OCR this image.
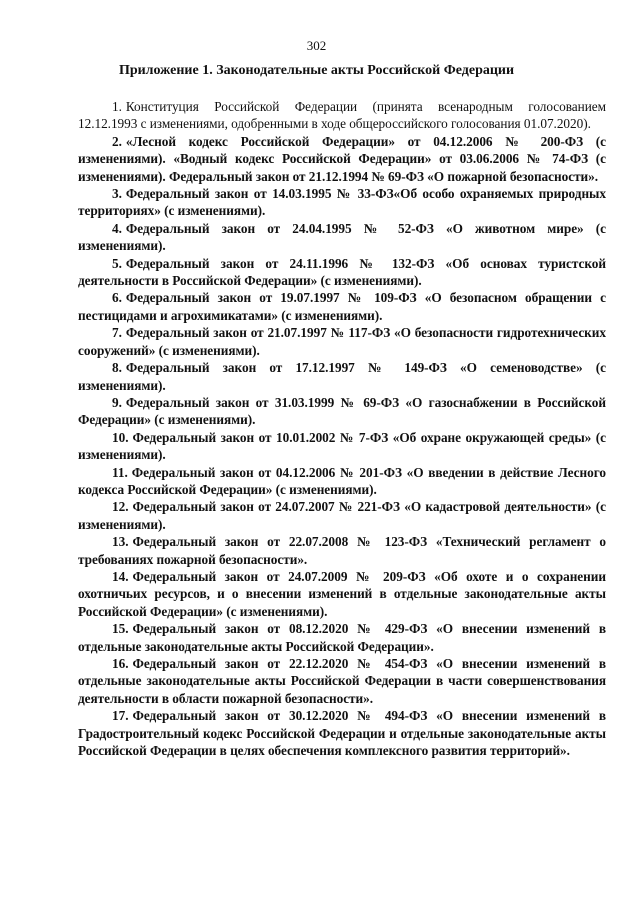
302
Приложение 1. Законодательные акты Российской Федерации
1. Конституция Российской Федерации (принята всенародным голосованием 12.12.1993 с изменениями, одобренными в ходе общероссийского голосования 01.07.2020).
2. «Лесной кодекс Российской Федерации» от 04.12.2006 № 200-ФЗ (с изменениями). «Водный кодекс Российской Федерации» от 03.06.2006 № 74-ФЗ (с изменениями). Федеральный закон от 21.12.1994 № 69-ФЗ «О пожарной безопасности».
3. Федеральный закон от 14.03.1995 № 33-ФЗ«Об особо охраняемых природных территориях» (с изменениями).
4. Федеральный закон от 24.04.1995 № 52-ФЗ «О животном мире» (с изменениями).
5. Федеральный закон от 24.11.1996 № 132-ФЗ «Об основах туристской деятельности в Российской Федерации» (с изменениями).
6. Федеральный закон от 19.07.1997 № 109-ФЗ «О безопасном обращении с пестицидами и агрохимикатами» (с изменениями).
7. Федеральный закон от 21.07.1997 № 117-ФЗ «О безопасности гидротехнических сооружений» (с изменениями).
8. Федеральный закон от 17.12.1997 № 149-ФЗ «О семеноводстве» (с изменениями).
9. Федеральный закон от 31.03.1999 № 69-ФЗ «О газоснабжении в Российской Федерации» (с изменениями).
10. Федеральный закон от 10.01.2002 № 7-ФЗ «Об охране окружающей среды» (с изменениями).
11. Федеральный закон от 04.12.2006 № 201-ФЗ «О введении в действие Лесного кодекса Российской Федерации» (с изменениями).
12. Федеральный закон от 24.07.2007 № 221-ФЗ «О кадастровой деятельности» (с изменениями).
13. Федеральный закон от 22.07.2008 № 123-ФЗ «Технический регламент о требованиях пожарной безопасности».
14. Федеральный закон от 24.07.2009 № 209-ФЗ «Об охоте и о сохранении охотничьих ресурсов, и о внесении изменений в отдельные законодательные акты Российской Федерации» (с изменениями).
15. Федеральный закон от 08.12.2020 № 429-ФЗ «О внесении изменений в отдельные законодательные акты Российской Федерации».
16. Федеральный закон от 22.12.2020 № 454-ФЗ «О внесении изменений в отдельные законодательные акты Российской Федерации в части совершенствования деятельности в области пожарной безопасности».
17. Федеральный закон от 30.12.2020 № 494-ФЗ «О внесении изменений в Градостроительный кодекс Российской Федерации и отдельные законодательные акты Российской Федерации в целях обеспечения комплексного развития территорий».
